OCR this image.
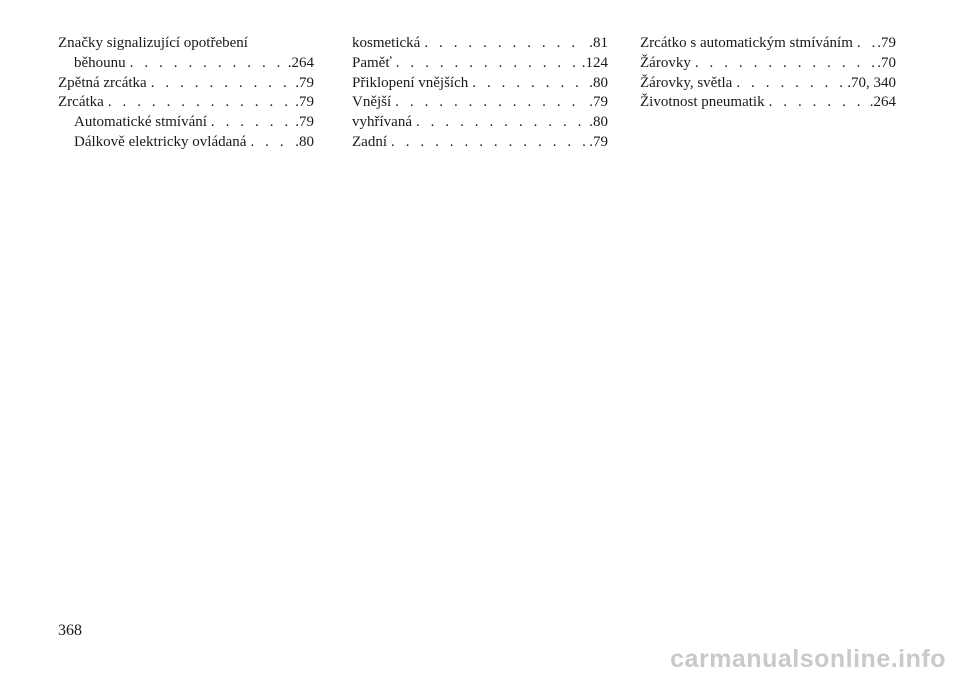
Značky signalizující opotřebení
běhounu . . .	.264
Zpětná zrcátka . . .	.79
Zrcátka . . .	.79
Automatické stmívání . . .	.79
Dálkově elektricky ovládaná . . .	.80
kosmetická . . .	.81
Paměť . . .	.124
Přiklopení vnějších . . .	.80
Vnější . . .	.79
vyhřívaná . . .	.80
Zadní . . .	.79
Zrcátko s automatickým stmíváním . . . .79
Žárovky . . .	.70
Žárovky, světla . . .	.70, 340
Životnost pneumatik . . .	.264
368
carmanualsonline.info
